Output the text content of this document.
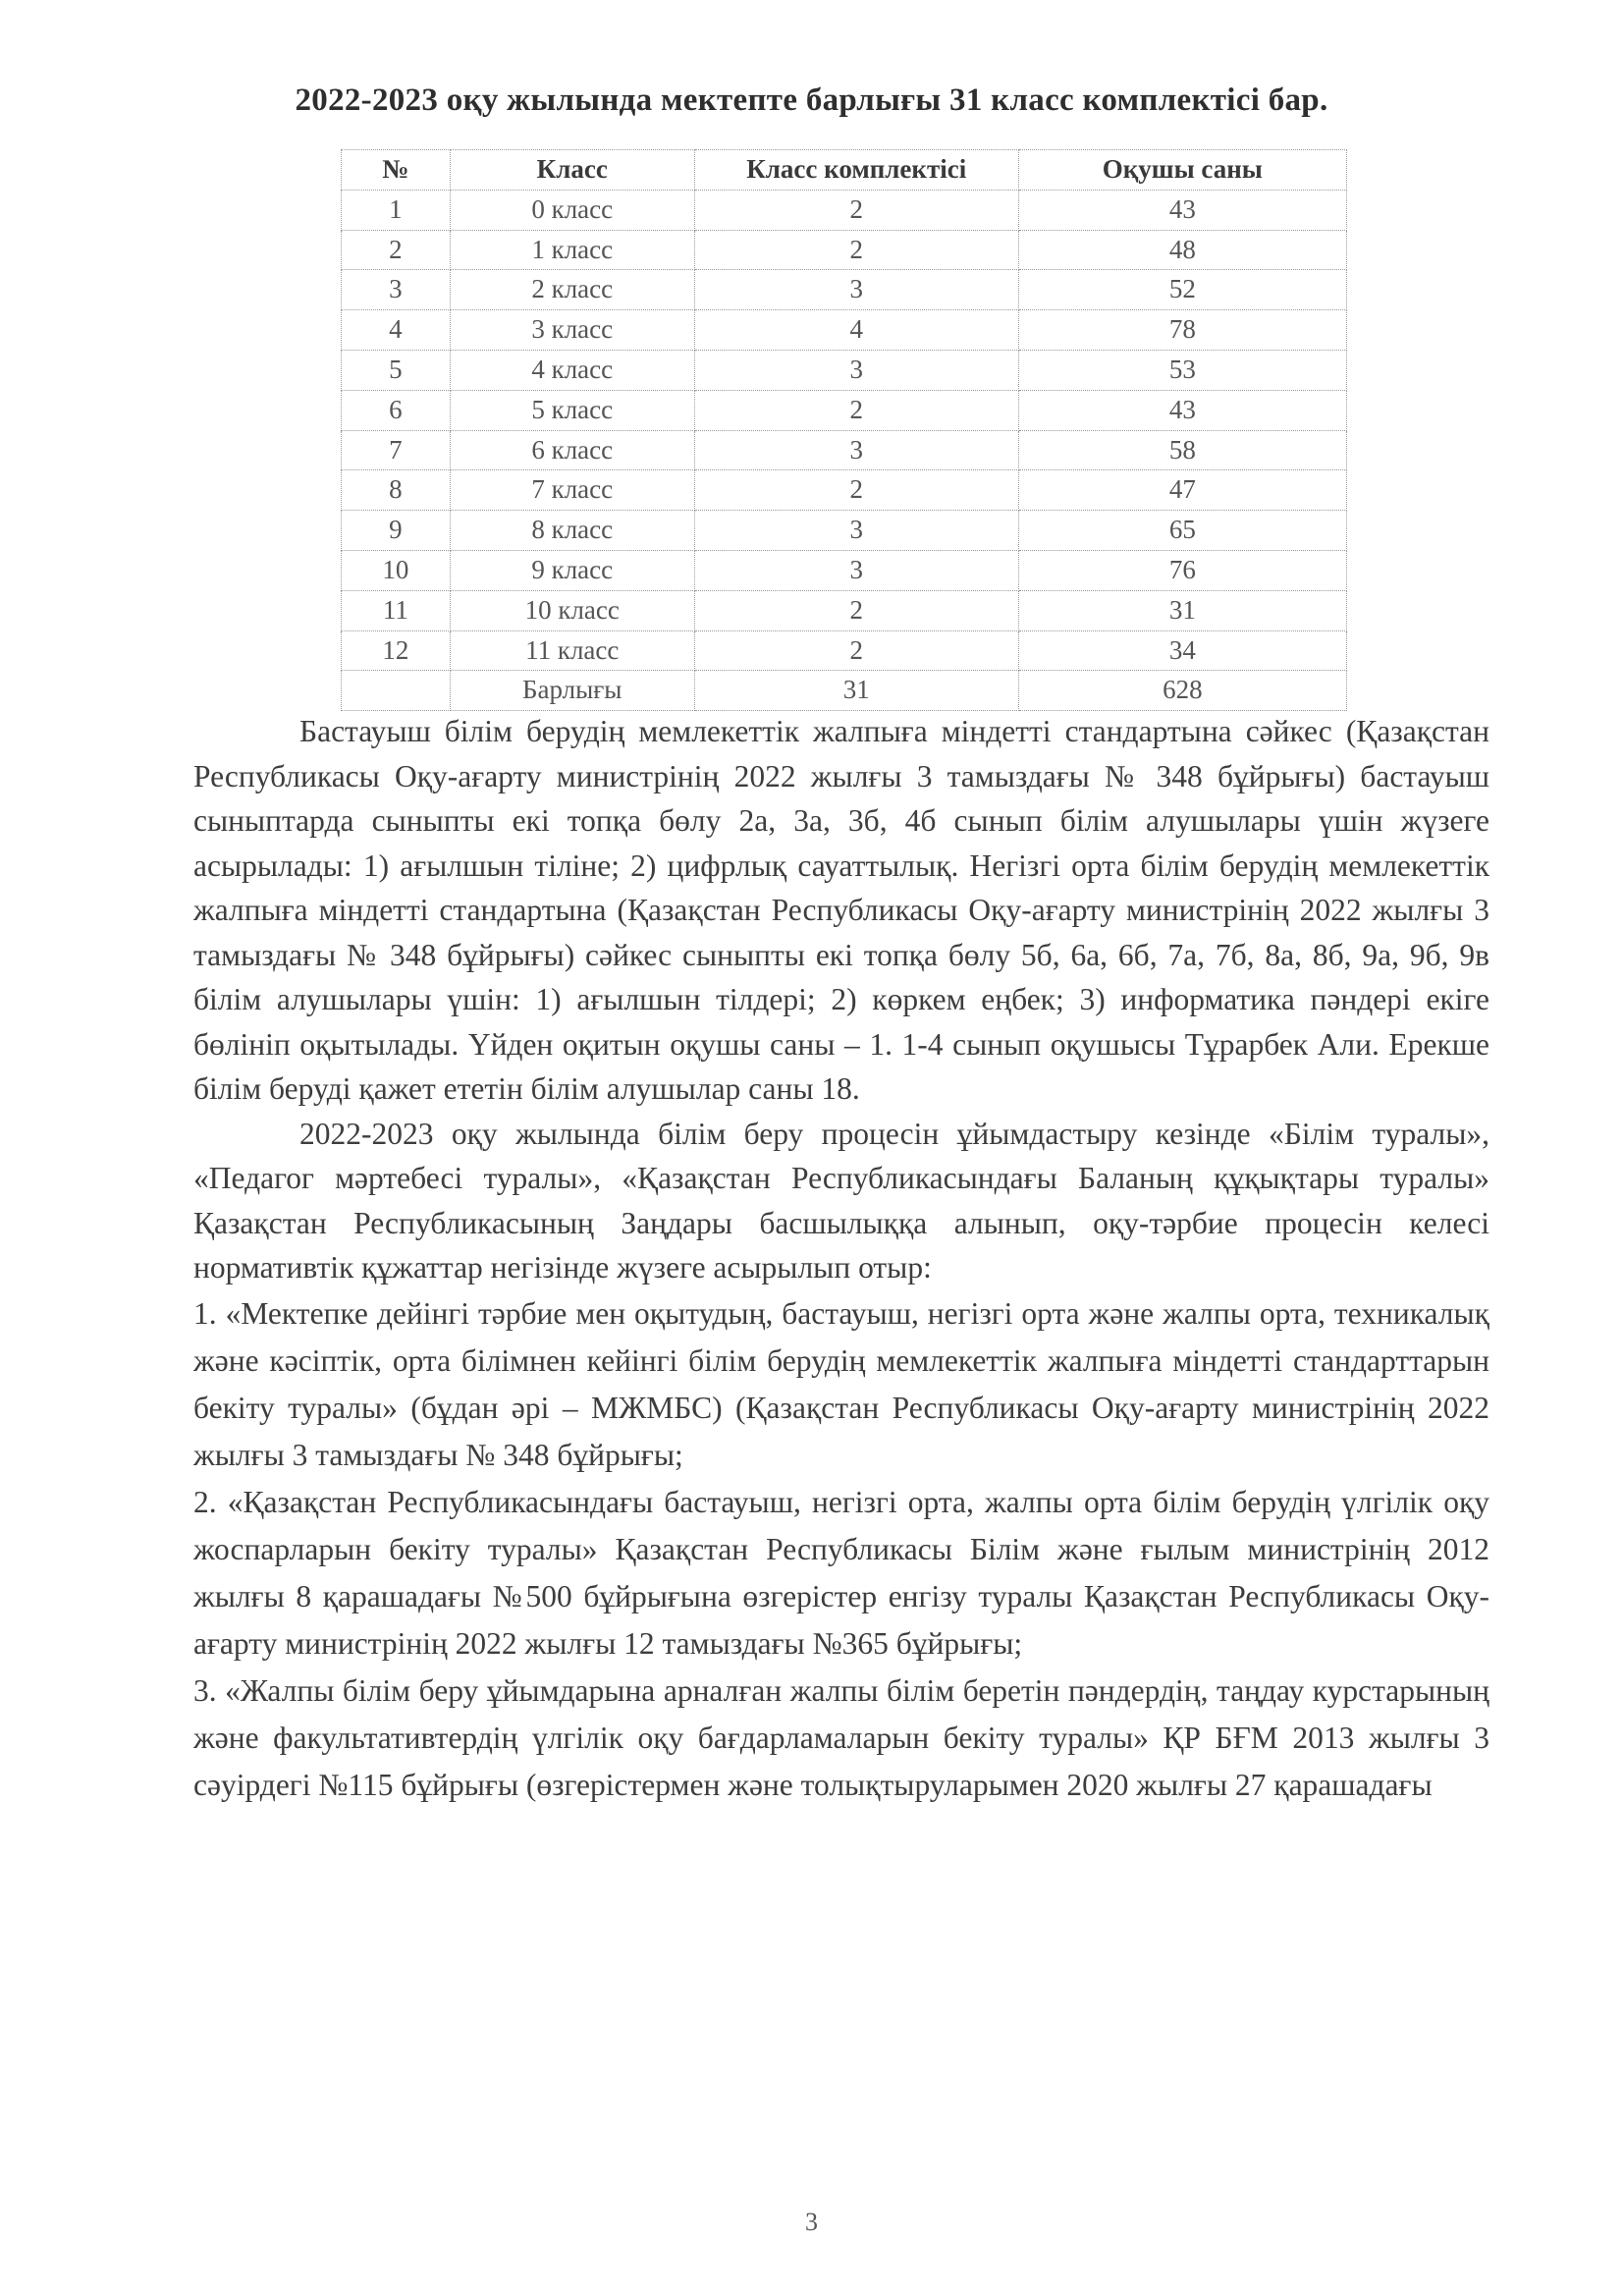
2022-2023 оқу жылында мектепте барлығы 31 класс комплектісі бар.
№	Класс	Класс комплектісі	Оқушы саны
1	0 класс	2	43
2	1 класс	2	48
3	2 класс	3	52
4	3 класс	4	78
5	4 класс	3	53
6	5 класс	2	43
7	6 класс	3	58
8	7 класс	2	47
9	8 класс	3	65
10	9 класс	3	76
11	10 класс	2	31
12	11 класс	2	34
	Барлығы	31	628

Бастауыш білім берудің мемлекеттік жалпыға міндетті стандартына сәйкес (Қазақстан Республикасы Оқу-ағарту министрінің 2022 жылғы 3 тамыздағы № 348 бұйрығы) бастауыш сыныптарда сыныпты екі топқа бөлу 2а, 3а, 3б, 4б сынып білім алушылары үшін жүзеге асырылады: 1) ағылшын тіліне; 2) цифрлық сауаттылық. Негізгі орта білім берудің мемлекеттік жалпыға міндетті стандартына (Қазақстан Республикасы Оқу-ағарту министрінің 2022 жылғы 3 тамыздағы № 348 бұйрығы) сәйкес сыныпты екі топқа бөлу 5б, 6а, 6б, 7а, 7б, 8а, 8б, 9а, 9б, 9в білім алушылары үшін: 1) ағылшын тілдері; 2) көркем еңбек; 3) информатика пәндері екіге бөлініп оқытылады. Үйден оқитын оқушы саны – 1. 1-4 сынып оқушысы Тұрарбек Али. Ерекше білім беруді қажет ететін білім алушылар саны 18.

2022-2023 оқу жылында білім беру процесін ұйымдастыру кезінде «Білім туралы», «Педагог мәртебесі туралы», «Қазақстан Республикасындағы Баланың құқықтары туралы» Қазақстан Республикасының Заңдары басшылыққа алынып, оқу-тәрбие процесін келесі нормативтік құжаттар негізінде жүзеге асырылып отыр:

1. «Мектепке дейінгі тәрбие мен оқытудың, бастауыш, негізгі орта және жалпы орта, техникалық және кәсіптік, орта білімнен кейінгі білім берудің мемлекеттік жалпыға міндетті стандарттарын бекіту туралы» (бұдан әрі – МЖМБС) (Қазақстан Республикасы Оқу-ағарту министрінің 2022 жылғы 3 тамыздағы № 348 бұйрығы;

2. «Қазақстан Республикасындағы бастауыш, негізгі орта, жалпы орта білім берудің үлгілік оқу жоспарларын бекіту туралы» Қазақстан Республикасы Білім және ғылым министрінің 2012 жылғы 8 қарашадағы №500 бұйрығына өзгерістер енгізу туралы Қазақстан Республикасы Оқу-ағарту министрінің 2022 жылғы 12 тамыздағы №365 бұйрығы;

3. «Жалпы білім беру ұйымдарына арналған жалпы білім беретін пәндердің, таңдау курстарының және факультативтердің үлгілік оқу бағдарламаларын бекіту туралы» ҚР БҒМ 2013 жылғы 3 сәуірдегі №115 бұйрығы (өзгерістермен және толықтыруларымен 2020 жылғы 27 қарашадағы

3
